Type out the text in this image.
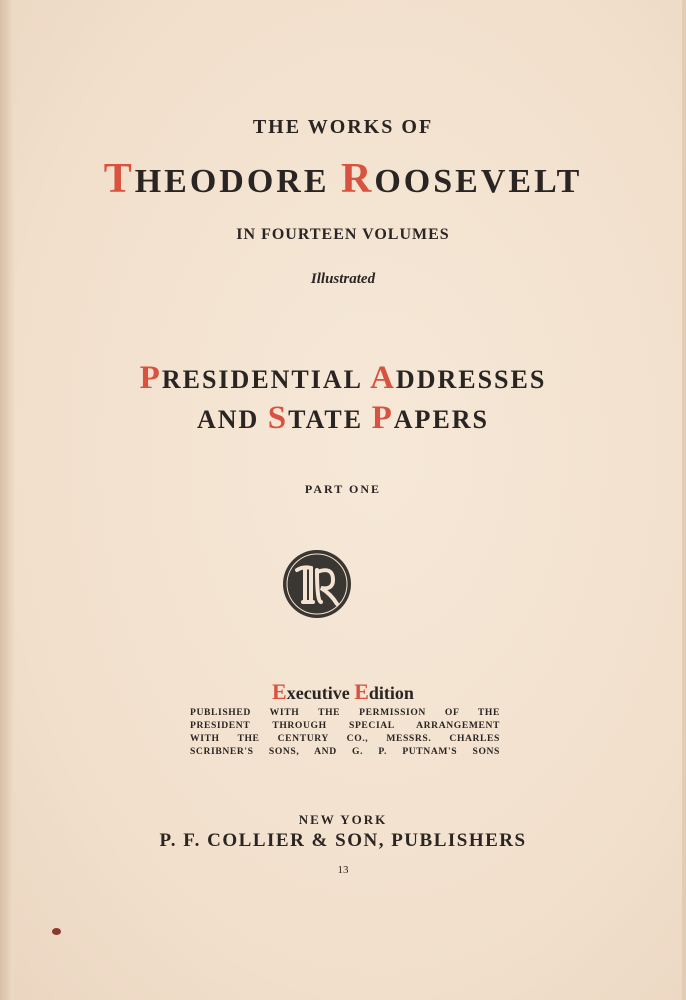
THE WORKS OF
THEODORE ROOSEVELT
IN FOURTEEN VOLUMES
Illustrated
PRESIDENTIAL ADDRESSES
AND STATE PAPERS
PART ONE
Executive Edition
PUBLISHED WITH THE PERMISSION OF THE
PRESIDENT THROUGH SPECIAL ARRANGEMENT
WITH THE CENTURY CO., MESSRS. CHARLES
SCRIBNER'S SONS, AND G. P. PUTNAM'S SONS
NEW YORK
P. F. COLLIER & SON, PUBLISHERS
13
